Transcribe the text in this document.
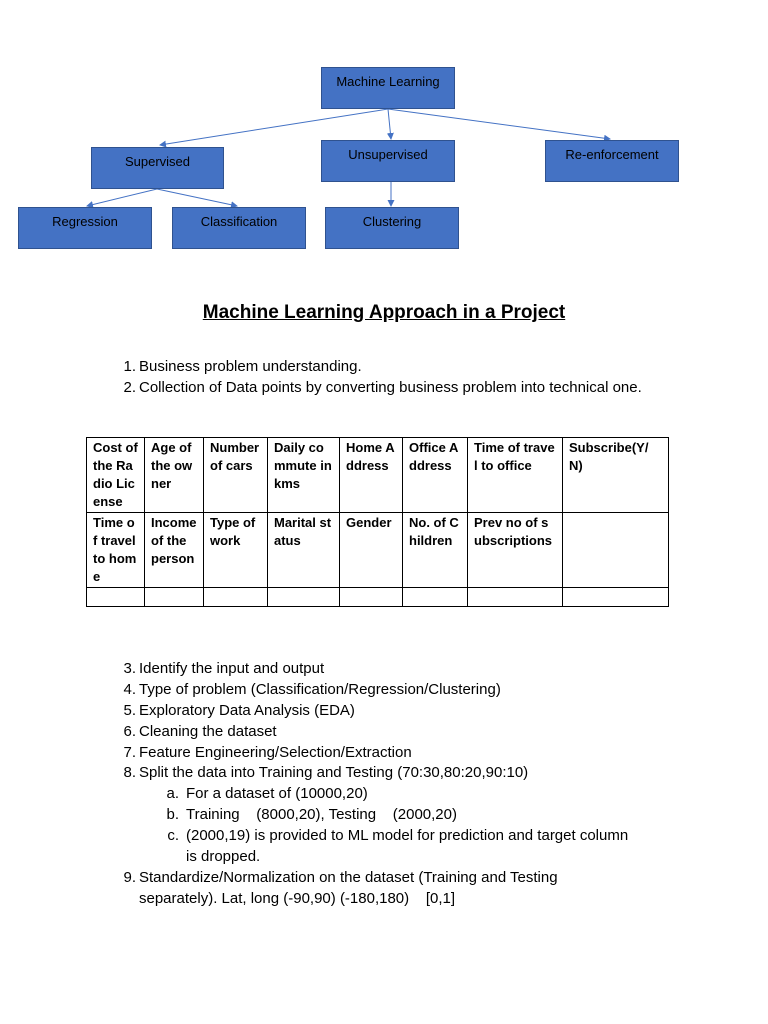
Machine Learning
Supervised	Unsupervised	Re-enforcement
Regression	Classification	Clustering
Machine Learning Approach in a Project
1. Business problem understanding.
2. Collection of Data points by converting business problem into technical one.
Cost of the Radio License	Age of the owner	Number of cars	Daily commute in kms	Home Address	Office Address	Time of travel to office	Subscribe(Y/N)
Time of travel to home	Income of the person	Type of work	Marital status	Gender	No. of Children	Prev no of subscriptions	

3. Identify the input and output
4. Type of problem (Classification/Regression/Clustering)
5. Exploratory Data Analysis (EDA)
6. Cleaning the dataset
7. Feature Engineering/Selection/Extraction
8. Split the data into Training and Testing (70:30,80:20,90:10)
a. For a dataset of (10000,20)
b. Training    (8000,20), Testing    (2000,20)
c. (2000,19) is provided to ML model for prediction and target column is dropped.
9. Standardize/Normalization on the dataset (Training and Testing separately). Lat, long (-90,90) (-180,180)    [0,1]
